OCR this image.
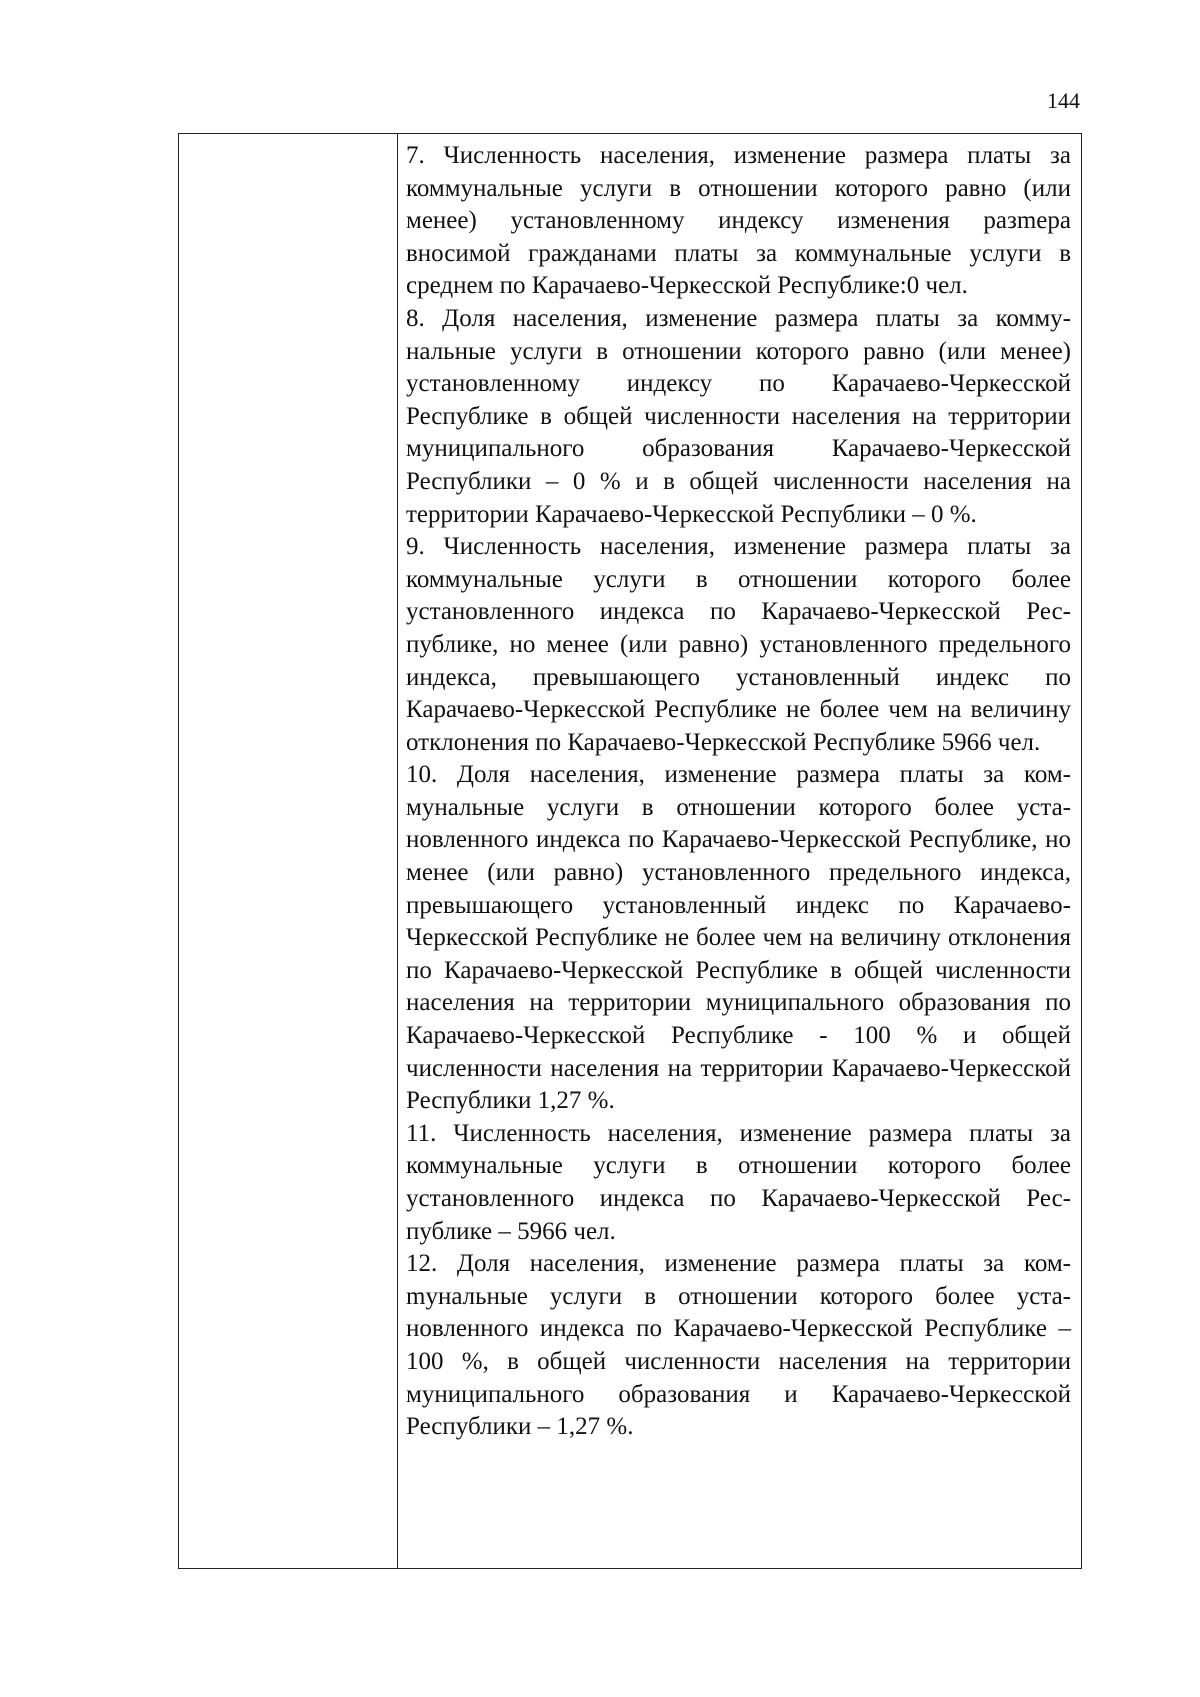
144

7. Численность населения, изменение размера платы за коммунальные услуги в отношении которого равно (или менее) установленному индексу изменения разmера вносимой гражданами платы за коммунальные услуги в среднем по Карачаево-Черкесской Республике:0 чел.

8. Доля населения, изменение размера платы за коммунальные услуги в отношении которого равно (или менее) установленному индексу по Карачаево-Черкесской Республике в общей численности населения на территории муниципального образования Карачаево-Черкесской Республики – 0 % и в общей численности населения на территории Карачаево-Черкесской Республики – 0 %.

9. Численность населения, изменение размера платы за коммунальные услуги в отношении которого более установленного индекса по Карачаево-Черкесской Республике, но менее (или равно) установленного предельного индекса, превышающего установленный индекс по Карачаево-Черкесской Республике не более чем на величину отклонения по Карачаево-Черкесской Республике 5966 чел.

10. Доля населения, изменение размера платы за коммунальные услуги в отношении которого более установленного индекса по Карачаево-Черкесской Республике, но менее (или равно) установленного предельного индекса, превышающего установленный индекс по Карачаево-Черкесской Республике не более чем на величину отклонения по Карачаево-Черкесской Республике в общей численности населения на территории муниципального образования по Карачаево-Черкесской Республике - 100 % и общей численности населения на территории Карачаево-Черкесской Республики 1,27 %.

11. Численность населения, изменение размера платы за коммунальные услуги в отношении которого более установленного индекса по Карачаево-Черкесской Республике – 5966 чел.

12. Доля населения, изменение размера платы за комmунальные услуги в отношении которого более установленного индекса по Карачаево-Черкесской Республике – 100 %, в общей численности населения на территории муниципального образования и Карачаево-Черкесской Республики – 1,27 %.
